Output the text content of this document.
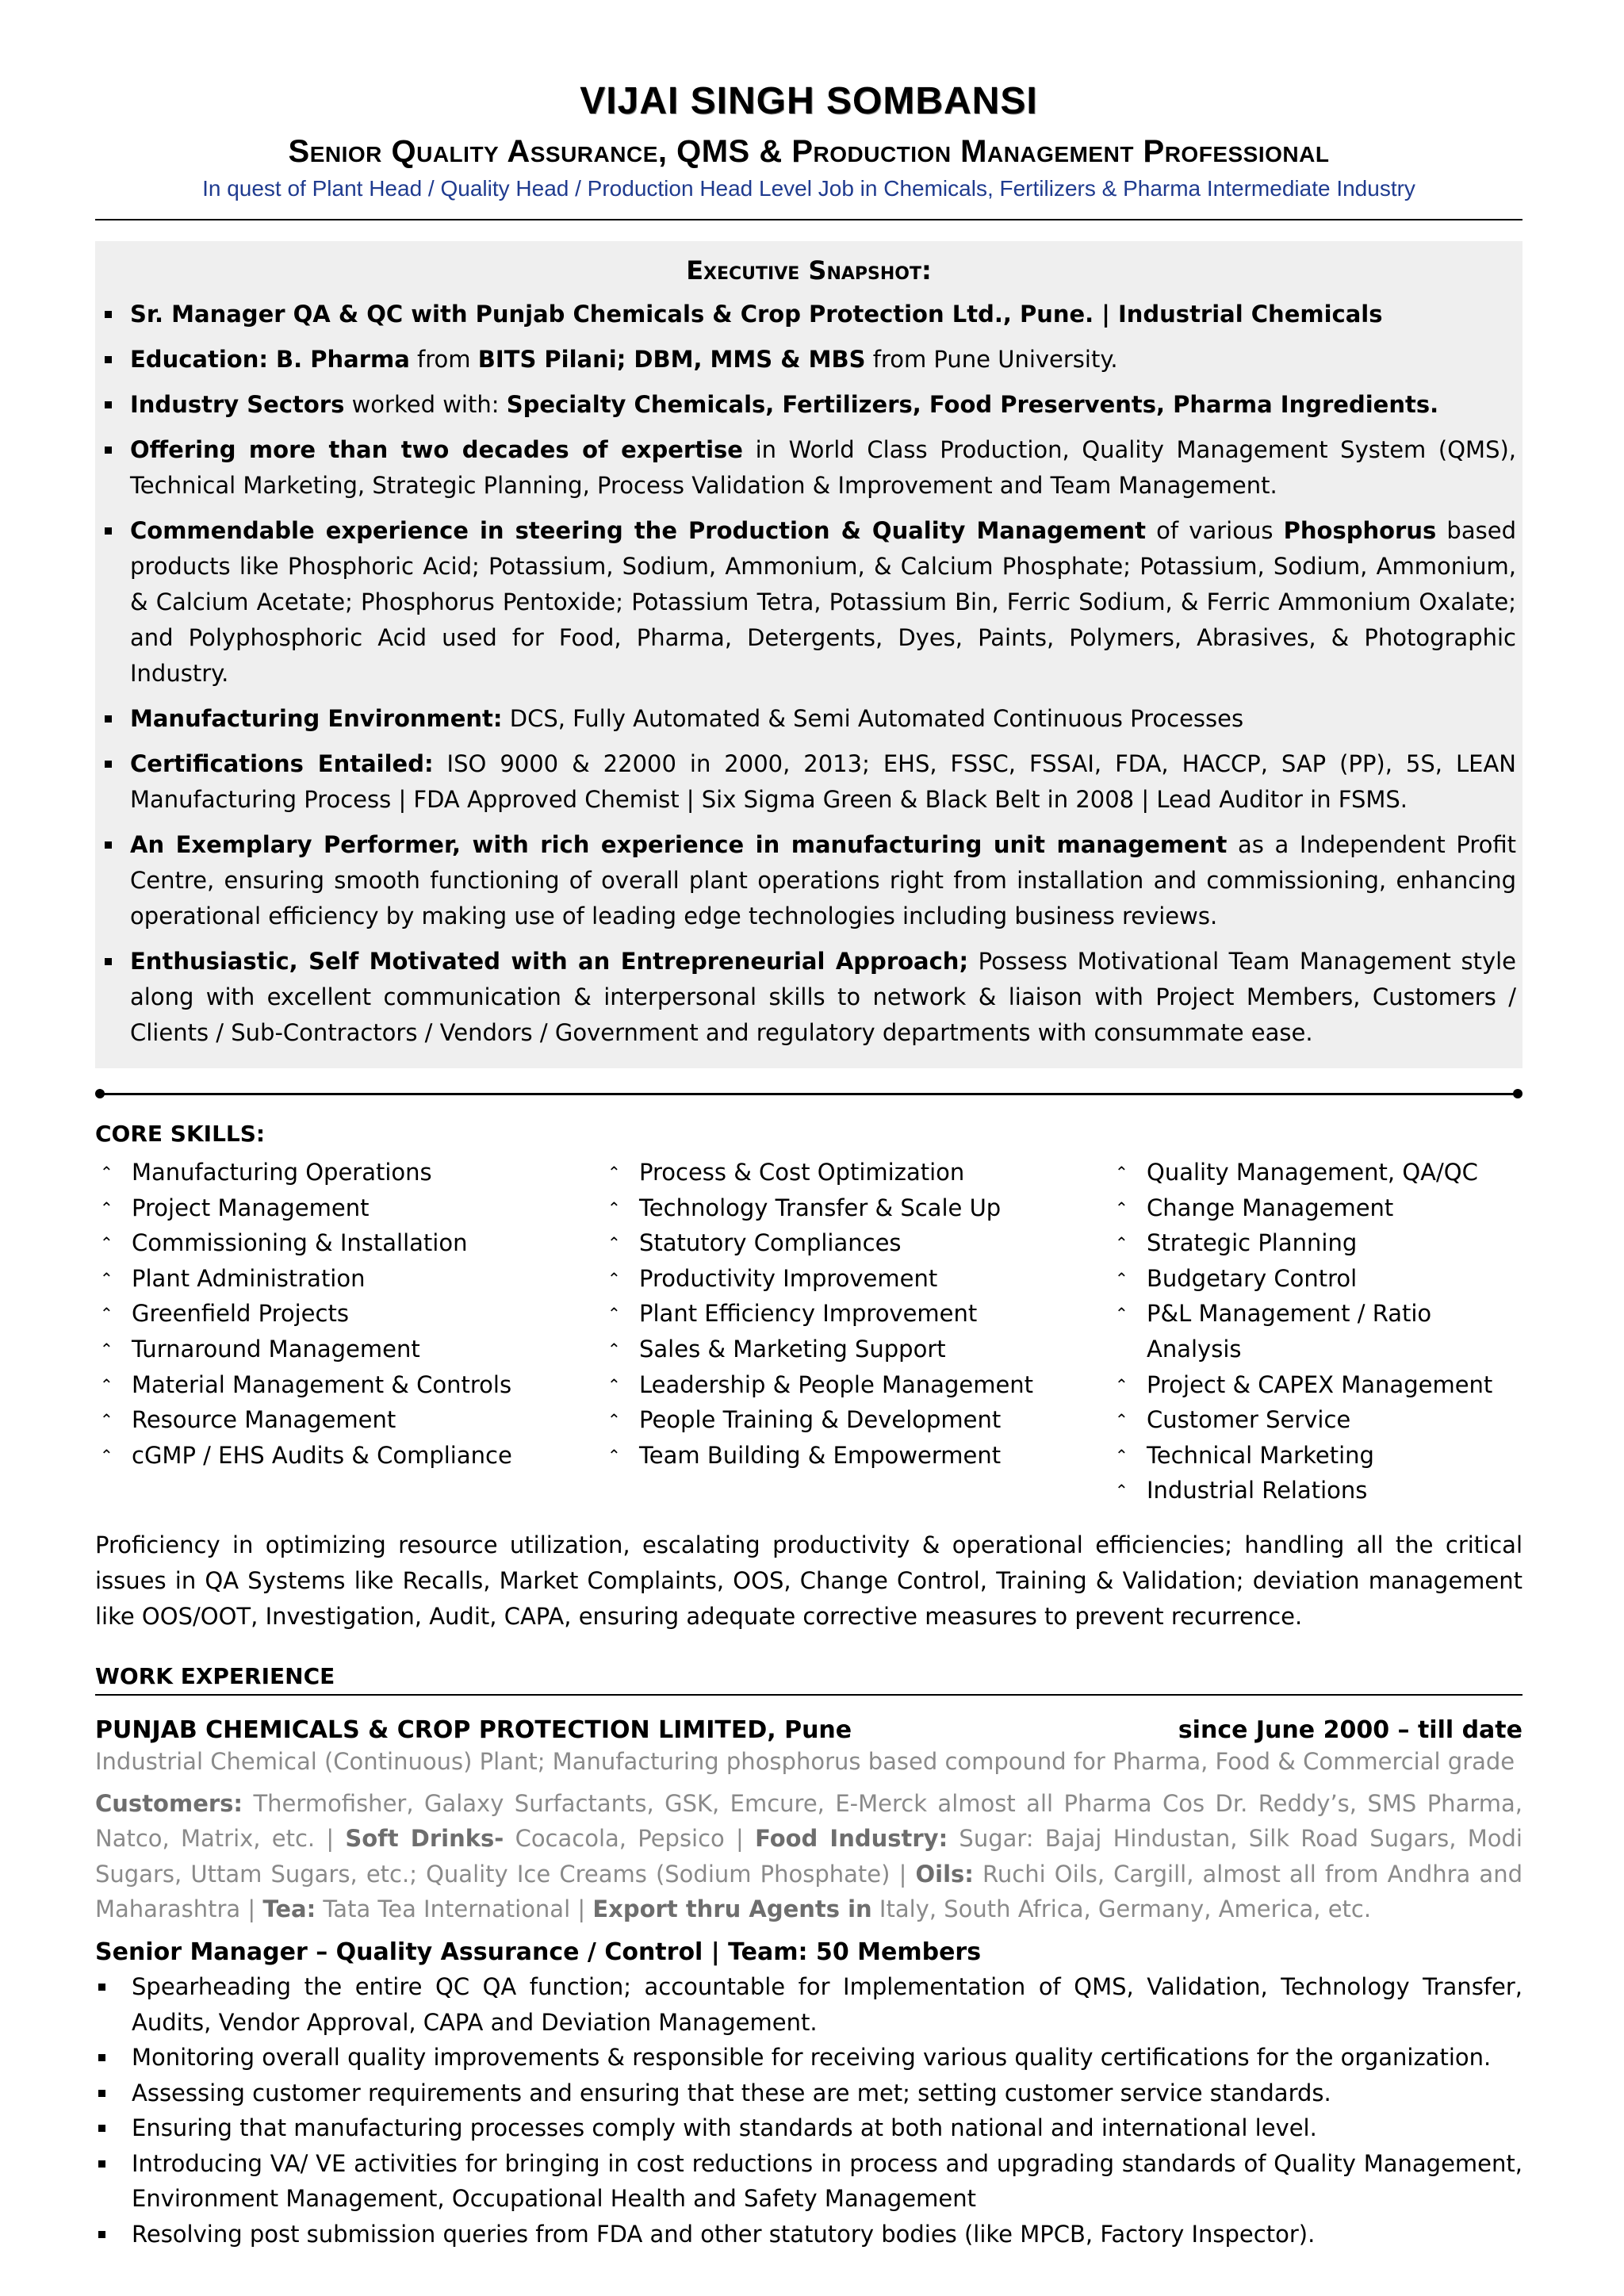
VIJAI SINGH SOMBANSI
Senior Quality Assurance, QMS & Production Management Professional
In quest of Plant Head / Quality Head / Production Head Level Job in Chemicals, Fertilizers & Pharma Intermediate Industry
Executive Snapshot:
Sr. Manager QA & QC with Punjab Chemicals & Crop Protection Ltd., Pune. | Industrial Chemicals
Education: B. Pharma from BITS Pilani; DBM, MMS & MBS from Pune University.
Industry Sectors worked with: Specialty Chemicals, Fertilizers, Food Preservents, Pharma Ingredients.
Offering more than two decades of expertise in World Class Production, Quality Management System (QMS), Technical Marketing, Strategic Planning, Process Validation & Improvement and Team Management.
Commendable experience in steering the Production & Quality Management of various Phosphorus based products like Phosphoric Acid; Potassium, Sodium, Ammonium, & Calcium Phosphate; Potassium, Sodium, Ammonium, & Calcium Acetate; Phosphorus Pentoxide; Potassium Tetra, Potassium Bin, Ferric Sodium, & Ferric Ammonium Oxalate; and Polyphosphoric Acid used for Food, Pharma, Detergents, Dyes, Paints, Polymers, Abrasives, & Photographic Industry.
Manufacturing Environment: DCS, Fully Automated & Semi Automated Continuous Processes
Certifications Entailed: ISO 9000 & 22000 in 2000, 2013; EHS, FSSC, FSSAI, FDA, HACCP, SAP (PP), 5S, LEAN Manufacturing Process | FDA Approved Chemist | Six Sigma Green & Black Belt in 2008 | Lead Auditor in FSMS.
An Exemplary Performer, with rich experience in manufacturing unit management as a Independent Profit Centre, ensuring smooth functioning of overall plant operations right from installation and commissioning, enhancing operational efficiency by making use of leading edge technologies including business reviews.
Enthusiastic, Self Motivated with an Entrepreneurial Approach; Possess Motivational Team Management style along with excellent communication & interpersonal skills to network & liaison with Project Members, Customers / Clients / Sub-Contractors / Vendors / Government and regulatory departments with consummate ease.
CORE SKILLS:
⌃ Manufacturing Operations
⌃ Project Management
⌃ Commissioning & Installation
⌃ Plant Administration
⌃ Greenfield Projects
⌃ Turnaround Management
⌃ Material Management & Controls
⌃ Resource Management
⌃ cGMP / EHS Audits & Compliance
⌃ Process & Cost Optimization
⌃ Technology Transfer & Scale Up
⌃ Statutory Compliances
⌃ Productivity Improvement
⌃ Plant Efficiency Improvement
⌃ Sales & Marketing Support
⌃ Leadership & People Management
⌃ People Training & Development
⌃ Team Building & Empowerment
⌃ Quality Management, QA/QC
⌃ Change Management
⌃ Strategic Planning
⌃ Budgetary Control
⌃ P&L Management / Ratio Analysis
⌃ Project & CAPEX Management
⌃ Customer Service
⌃ Technical Marketing
⌃ Industrial Relations
Proficiency in optimizing resource utilization, escalating productivity & operational efficiencies; handling all the critical issues in QA Systems like Recalls, Market Complaints, OOS, Change Control, Training & Validation; deviation management like OOS/OOT, Investigation, Audit, CAPA, ensuring adequate corrective measures to prevent recurrence.
WORK EXPERIENCE
PUNJAB CHEMICALS & CROP PROTECTION LIMITED, Pune	since June 2000 – till date
Industrial Chemical (Continuous) Plant; Manufacturing phosphorus based compound for Pharma, Food & Commercial grade
Customers: Thermofisher, Galaxy Surfactants, GSK, Emcure, E-Merck almost all Pharma Cos Dr. Reddy’s, SMS Pharma, Natco, Matrix, etc. | Soft Drinks- Cocacola, Pepsico | Food Industry: Sugar: Bajaj Hindustan, Silk Road Sugars, Modi Sugars, Uttam Sugars, etc.; Quality Ice Creams (Sodium Phosphate) | Oils: Ruchi Oils, Cargill, almost all from Andhra and Maharashtra | Tea: Tata Tea International | Export thru Agents in Italy, South Africa, Germany, America, etc.
Senior Manager – Quality Assurance / Control | Team: 50 Members
Spearheading the entire QC QA function; accountable for Implementation of QMS, Validation, Technology Transfer, Audits, Vendor Approval, CAPA and Deviation Management.
Monitoring overall quality improvements & responsible for receiving various quality certifications for the organization.
Assessing customer requirements and ensuring that these are met; setting customer service standards.
Ensuring that manufacturing processes comply with standards at both national and international level.
Introducing VA/ VE activities for bringing in cost reductions in process and upgrading standards of Quality Management, Environment Management, Occupational Health and Safety Management
Resolving post submission queries from FDA and other statutory bodies (like MPCB, Factory Inspector).
